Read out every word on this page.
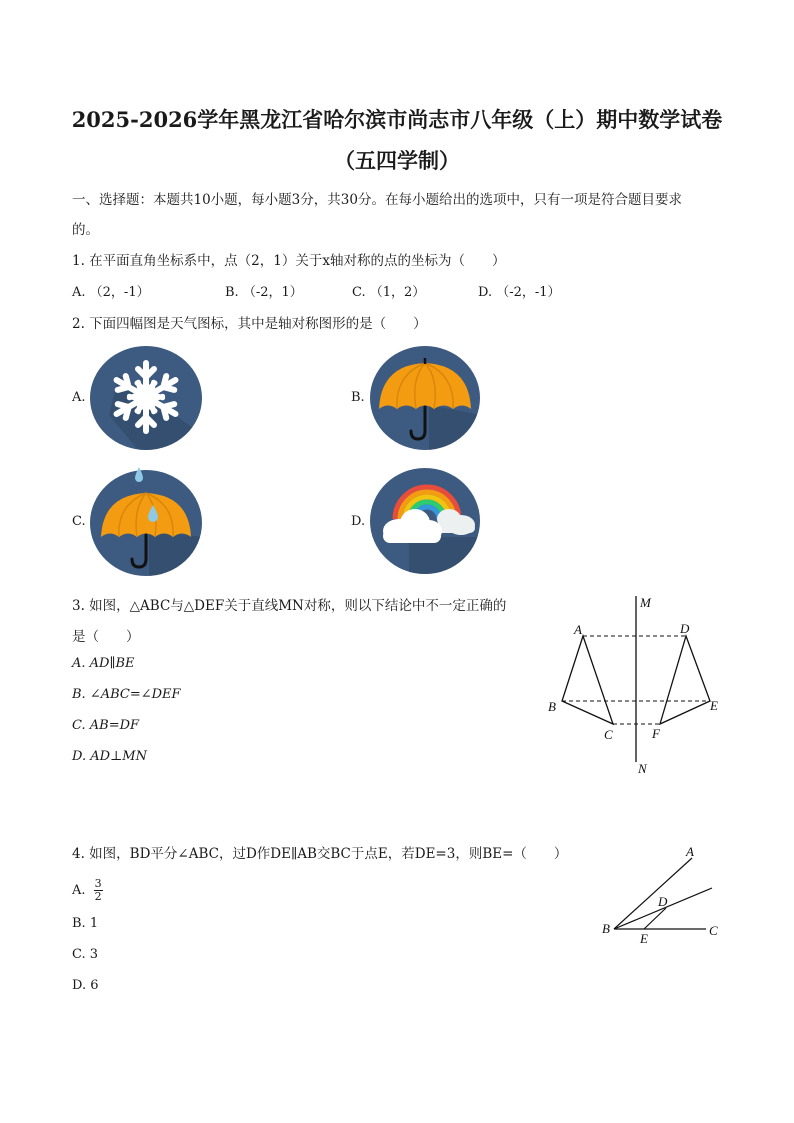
2025-2026学年黑龙江省哈尔滨市尚志市八年级（上）期中数学试卷
（五四学制）
一、选择题：本题共10小题，每小题3分，共30分。在每小题给出的选项中，只有一项是符合题目要求
的。
1. 在平面直角坐标系中，点（2，1）关于x轴对称的点的坐标为（　　）
A. （2，-1）	B. （-2，1）	C. （1，2）	D. （-2，-1）
2. 下面四幅图是天气图标，其中是轴对称图形的是（　　）
A.	B.
C.	D.
3. 如图，△ABC与△DEF关于直线MN对称，则以下结论中不一定正确的
是（　　）
A. AD∥BE
B. ∠ABC=∠DEF
C. AB=DF
D. AD⊥MN
M
N
A	D
B	E
C	F
4. 如图，BD平分∠ABC，过D作DE∥AB交BC于点E，若DE=3，则BE=（　　）
A. $\frac{3}{2}$
B. 1
C. 3
D. 6
A
B	C
D
E
